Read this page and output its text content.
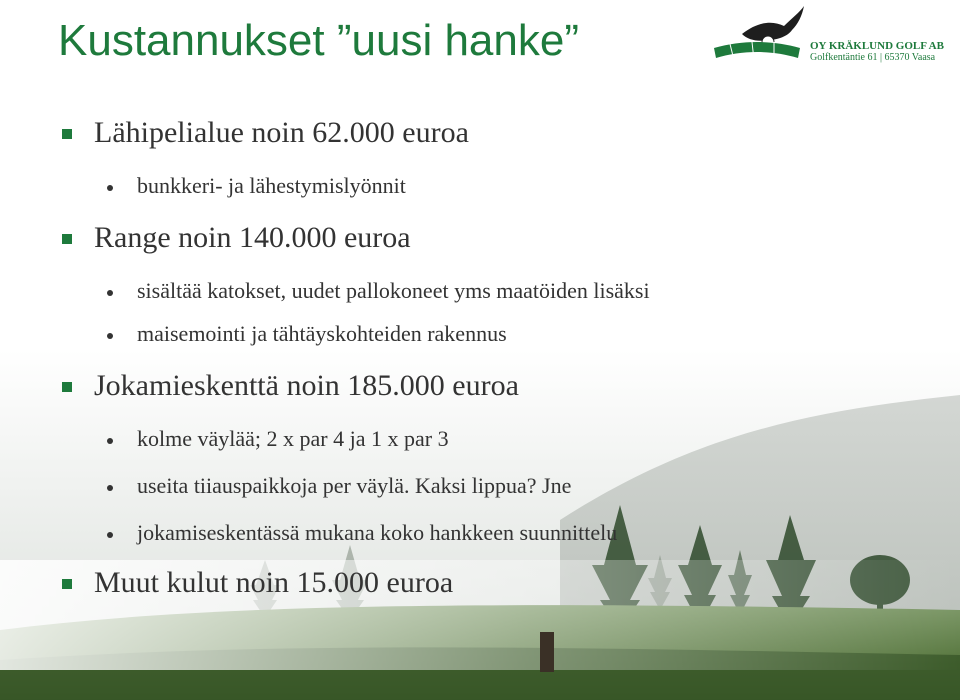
Kustannukset ”uusi hanke”	OY KRÄKLUND GOLF AB
Golfkentäntie 61 | 65370 Vaasa
Lähipelialue noin 62.000 euroa
bunkkeri- ja lähestymislyönnit
Range noin 140.000 euroa
sisältää katokset, uudet pallokoneet yms maatöiden lisäksi
maisemointi ja tähtäyskohteiden rakennus
Jokamieskenttä noin 185.000 euroa
kolme väylää; 2 x par 4 ja 1 x par 3
useita tiiauspaikkoja per väylä. Kaksi lippua? Jne
jokamiseskentässä mukana koko hankkeen suunnittelu
Muut kulut noin 15.000 euroa
